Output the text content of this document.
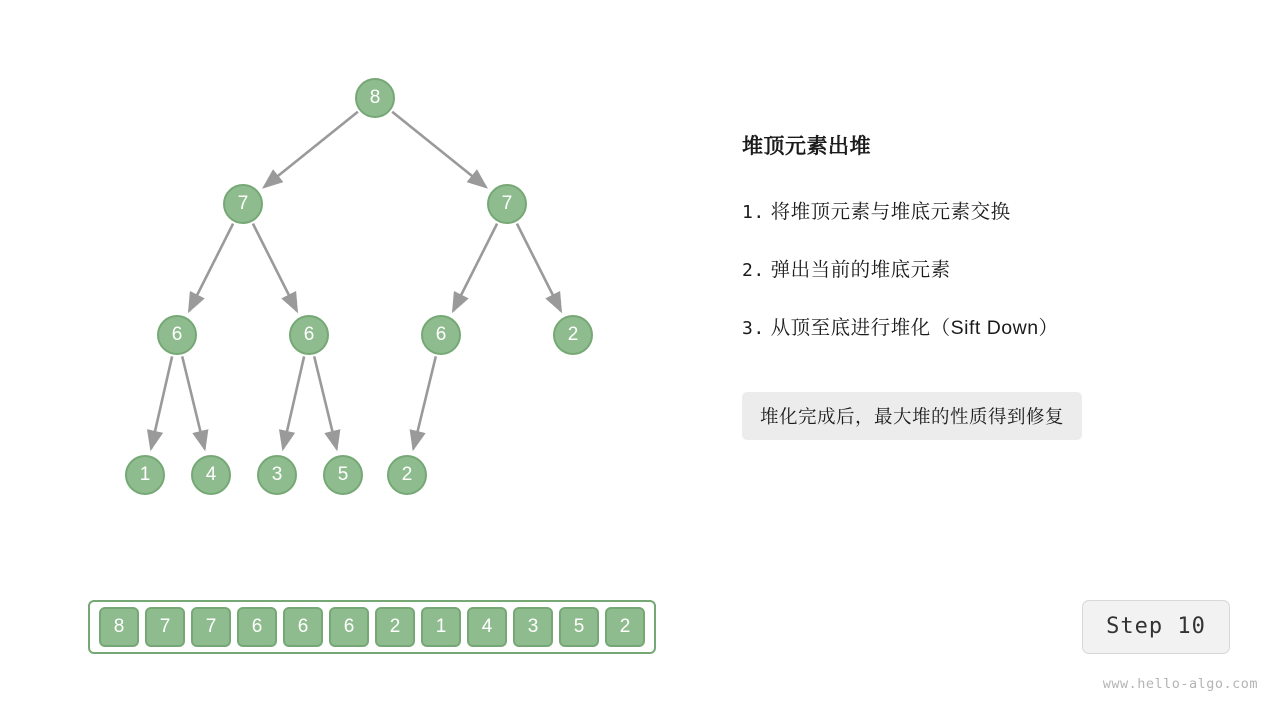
8
7	7
6	6	6	2
1	4	3	5	2
8	7	7	6	6	6	2	1	4	3	5	2
堆顶元素出堆
1. 将堆顶元素与堆底元素交换
2. 弹出当前的堆底元素
3. 从顶至底进行堆化（Sift Down）
堆化完成后，最大堆的性质得到修复
Step 10
www.hello-algo.com
